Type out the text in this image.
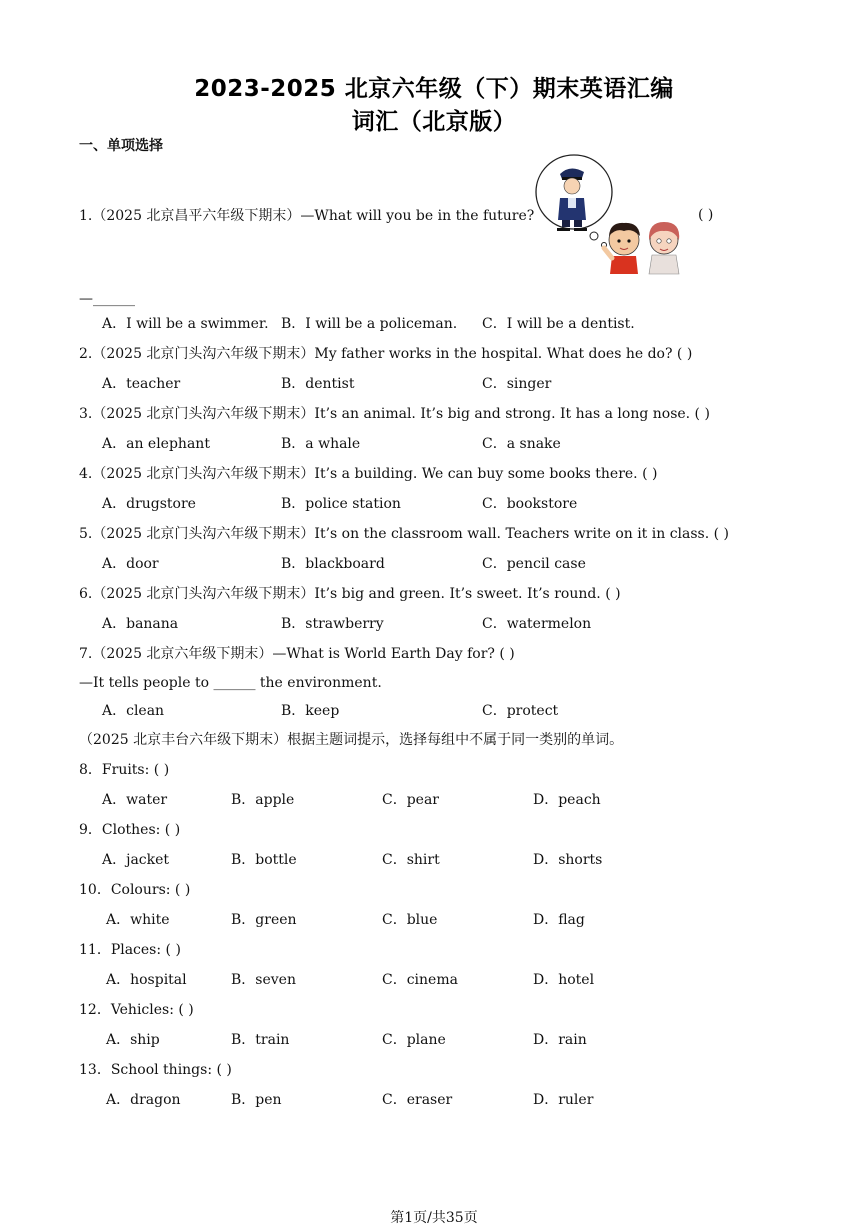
2023-2025 北京六年级（下）期末英语汇编
词汇（北京版）
一、单项选择
1.（2025 北京昌平六年级下期末）—What will you be in the future?	( )
—______
A．I will be a swimmer. B．I will be a policeman. C．I will be a dentist.
2.（2025 北京门头沟六年级下期末）My father works in the hospital. What does he do? ( )
A．teacher	B．dentist	C．singer
3.（2025 北京门头沟六年级下期末）It’s an animal. It’s big and strong. It has a long nose. ( )
A．an elephant	B．a whale	C．a snake
4.（2025 北京门头沟六年级下期末）It’s a building. We can buy some books there. ( )
A．drugstore	B．police station	C．bookstore
5.（2025 北京门头沟六年级下期末）It’s on the classroom wall. Teachers write on it in class. ( )
A．door	B．blackboard	C．pencil case
6.（2025 北京门头沟六年级下期末）It’s big and green. It’s sweet. It’s round. ( )
A．banana	B．strawberry	C．watermelon
7.（2025 北京六年级下期末）—What is World Earth Day for? ( )
—It tells people to ______ the environment.
A．clean	B．keep	C．protect
（2025 北京丰台六年级下期末）根据主题词提示，选择每组中不属于同一类别的单词。
8．Fruits: ( )
A．water	B．apple	C．pear	D．peach
9．Clothes: ( )
A．jacket	B．bottle	C．shirt	D．shorts
10．Colours: ( )
A．white	B．green	C．blue	D．flag
11．Places: ( )
A．hospital	B．seven	C．cinema	D．hotel
12．Vehicles: ( )
A．ship	B．train	C．plane	D．rain
13．School things: ( )
A．dragon	B．pen	C．eraser	D．ruler
第1页/共35页
